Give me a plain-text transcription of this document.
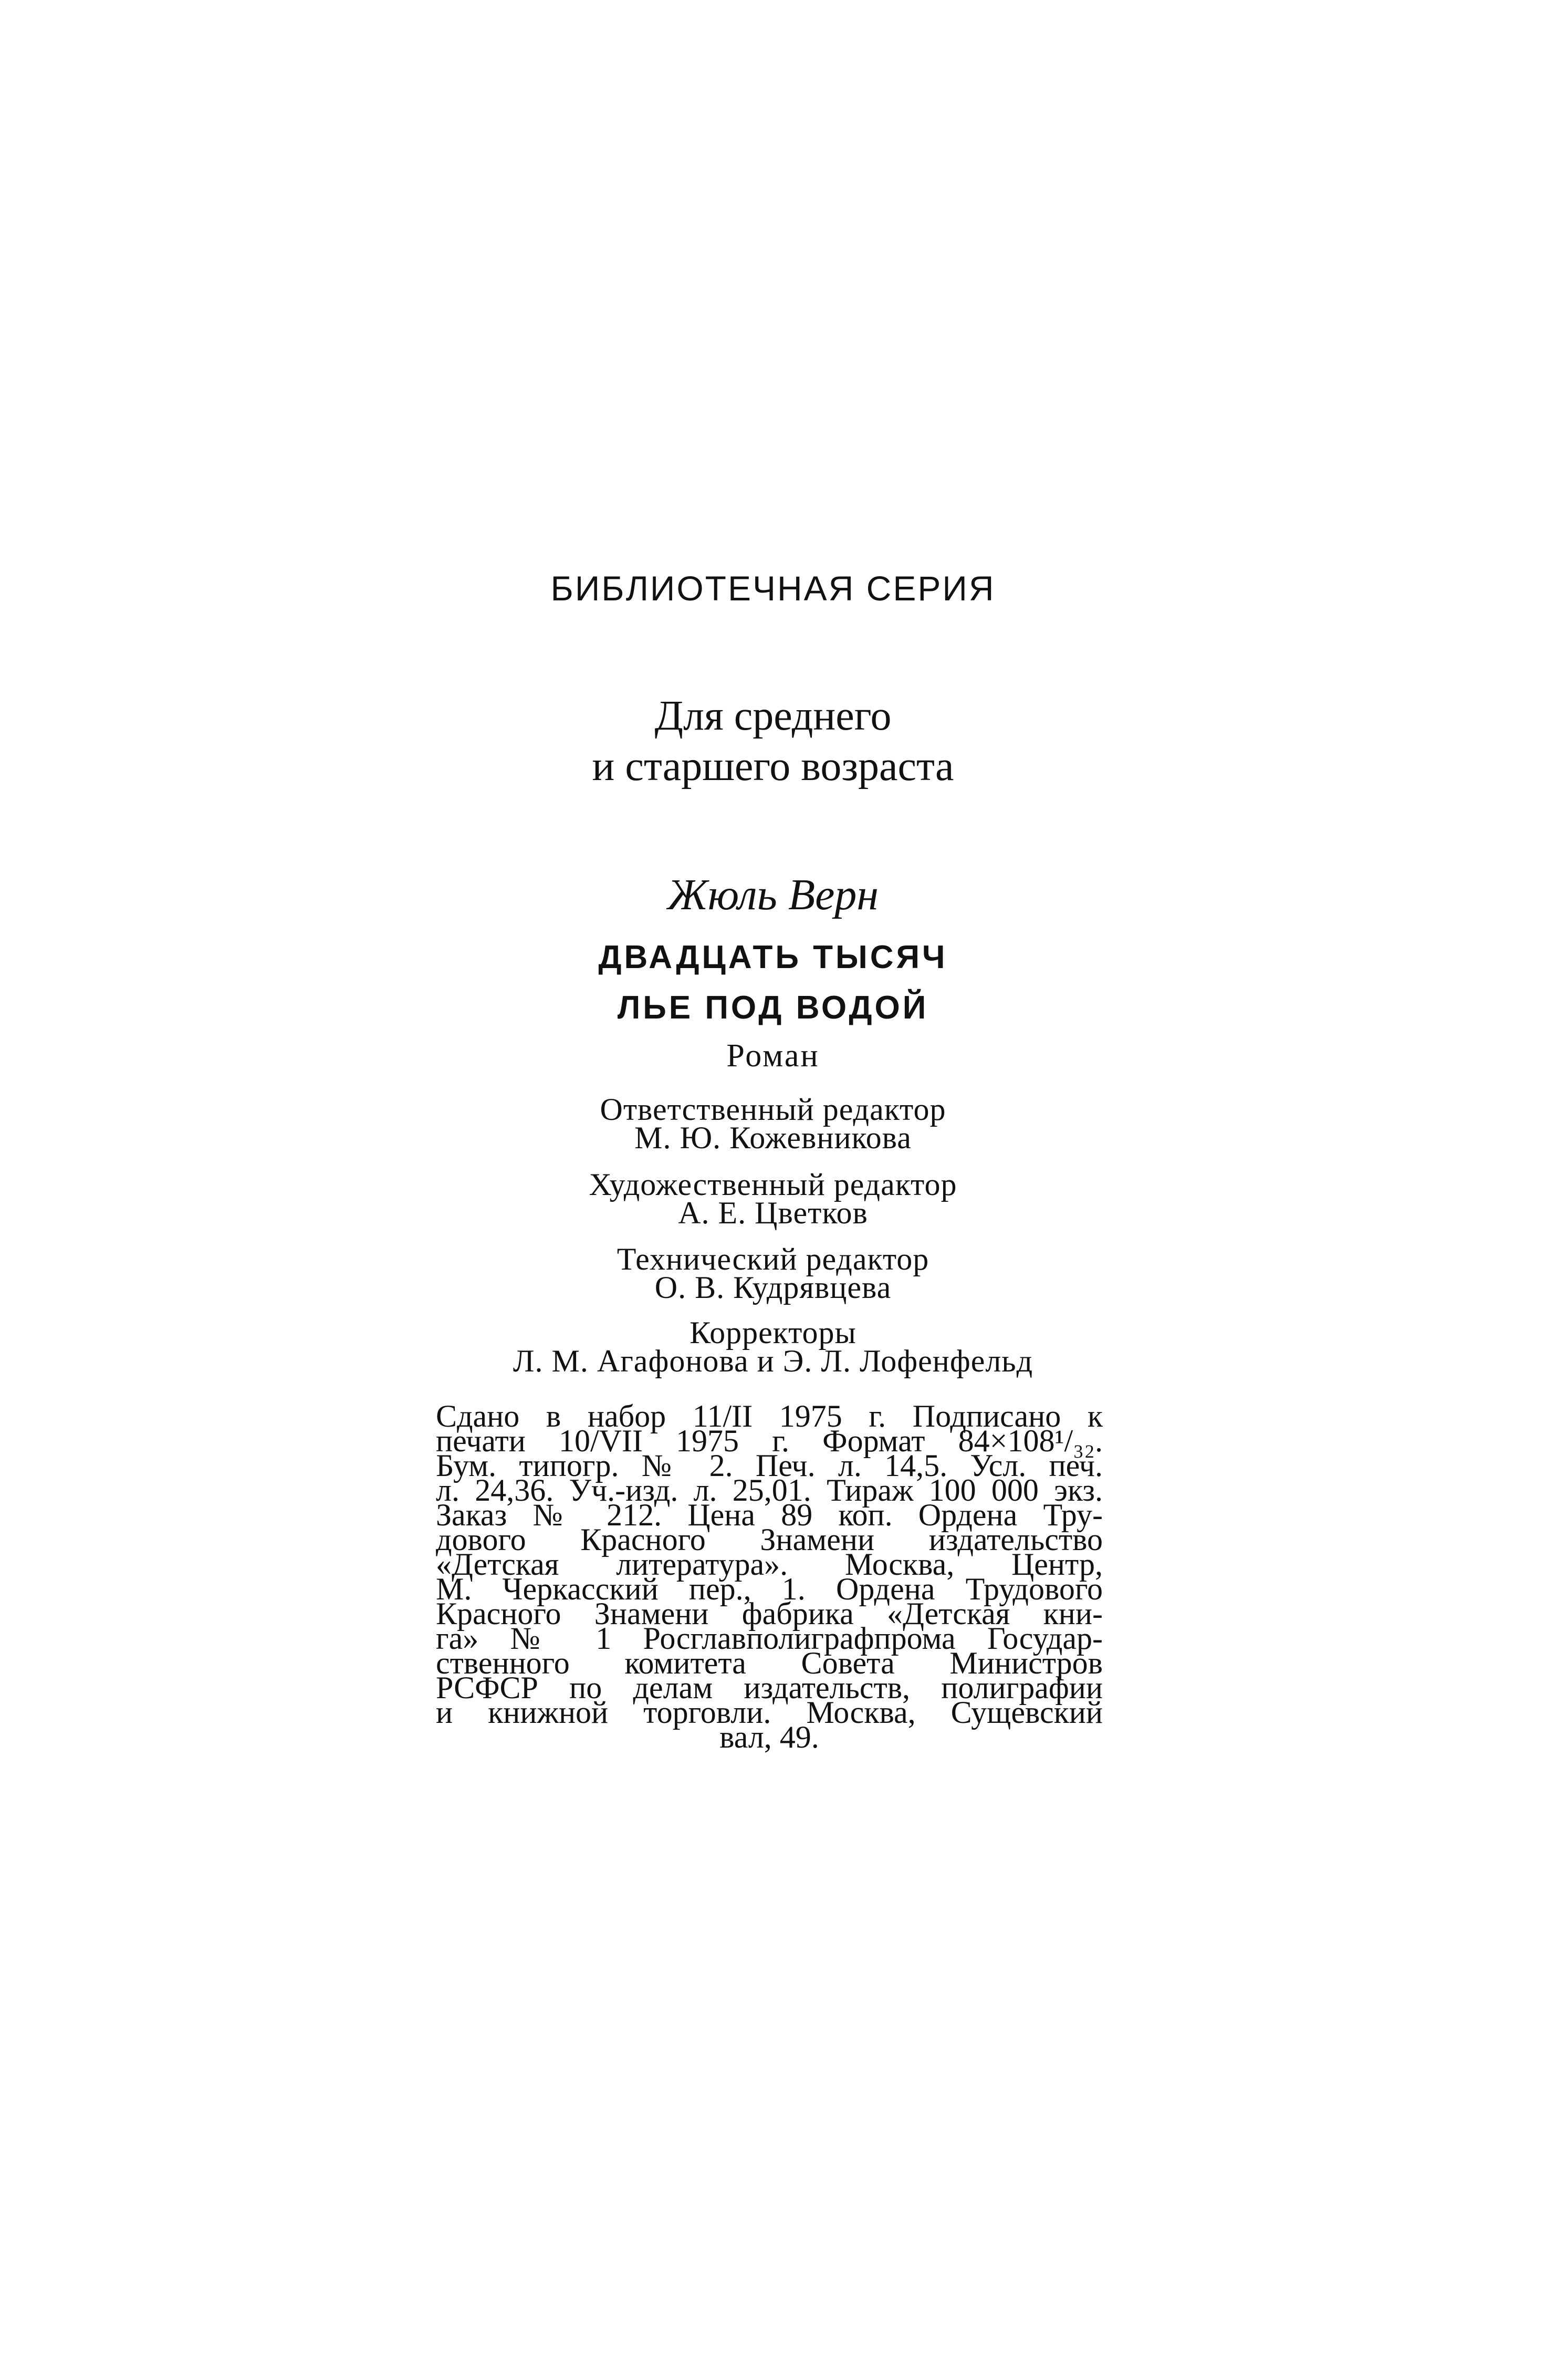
БИБЛИОТЕЧНАЯ СЕРИЯ
Для среднего
и старшего возраста
Жюль Верн
ДВАДЦАТЬ ТЫСЯЧ
ЛЬЕ ПОД ВОДОЙ
Роман
Ответственный редактор
М. Ю. Кожевникова
Художественный редактор
А. Е. Цветков
Технический редактор
О. В. Кудрявцева
Корректоры
Л. М. Агафонова и Э. Л. Лофенфельд
Сдано в набор 11/II 1975 г. Подписано к
печати 10/VII 1975 г. Формат 84×108¹/₃₂.
Бум. типогр. № 2. Печ. л. 14,5. Усл. печ.
л. 24,36. Уч.-изд. л. 25,01. Тираж 100 000 экз.
Заказ № 212. Цена 89 коп. Ордена Тру-
дового Красного Знамени издательство
«Детская литература». Москва, Центр,
М. Черкасский пер., 1. Ордена Трудового
Красного Знамени фабрика «Детская кни-
га» № 1 Росглавполиграфпрома Государ-
ственного комитета Совета Министров
РСФСР по делам издательств, полиграфии
и книжной торговли. Москва, Сущевский
вал, 49.
